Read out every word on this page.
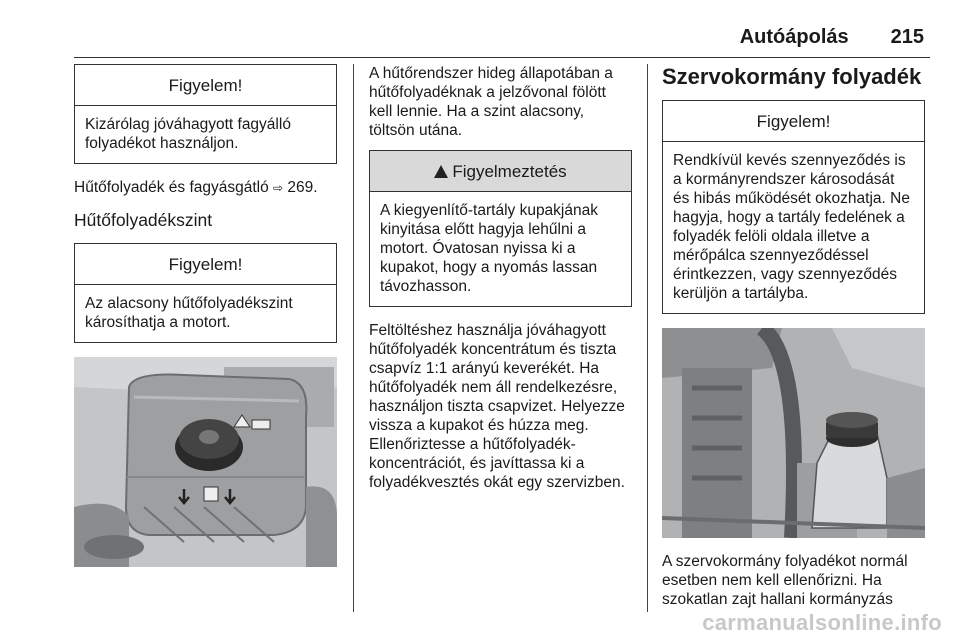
Autóápolás 215
Figyelem!
Kizárólag jóváhagyott fagyálló folyadékot használjon.

Hűtőfolyadék és fagyásgátló ⇨ 269.

Hűtőfolyadékszint
Figyelem!
Az alacsony hűtőfolyadékszint károsíthatja a motort.

A hűtőrendszer hideg állapotában a hűtőfolyadéknak a jelzővonal fölött kell lennie. Ha a szint alacsony, töltsön utána.

Figyelmeztetés
A kiegyenlítő-tartály kupakjának kinyitása előtt hagyja lehűlni a motort. Óvatosan nyissa ki a kupakot, hogy a nyomás lassan távozhasson.

Feltöltéshez használja jóváhagyott hűtőfolyadék koncentrátum és tiszta csapvíz 1:1 arányú keverékét. Ha hűtőfolyadék nem áll rendelkezésre, használjon tiszta csapvizet. Helyezze vissza a kupakot és húzza meg. Ellenőriztesse a hűtőfolyadék-koncentrációt, és javíttassa ki a folyadékvesztés okát egy szervizben.

Szervokormány folyadék
Figyelem!
Rendkívül kevés szennyeződés is a kormányrendszer károsodását és hibás működését okozhatja. Ne hagyja, hogy a tartály fedelének a folyadék felöli oldala illetve a mérőpálca szennyeződéssel érintkezzen, vagy szennyeződés kerüljön a tartályba.

A szervokormány folyadékot normál esetben nem kell ellenőrizni. Ha szokatlan zajt hallani kormányzás

carmanualsonline.info
